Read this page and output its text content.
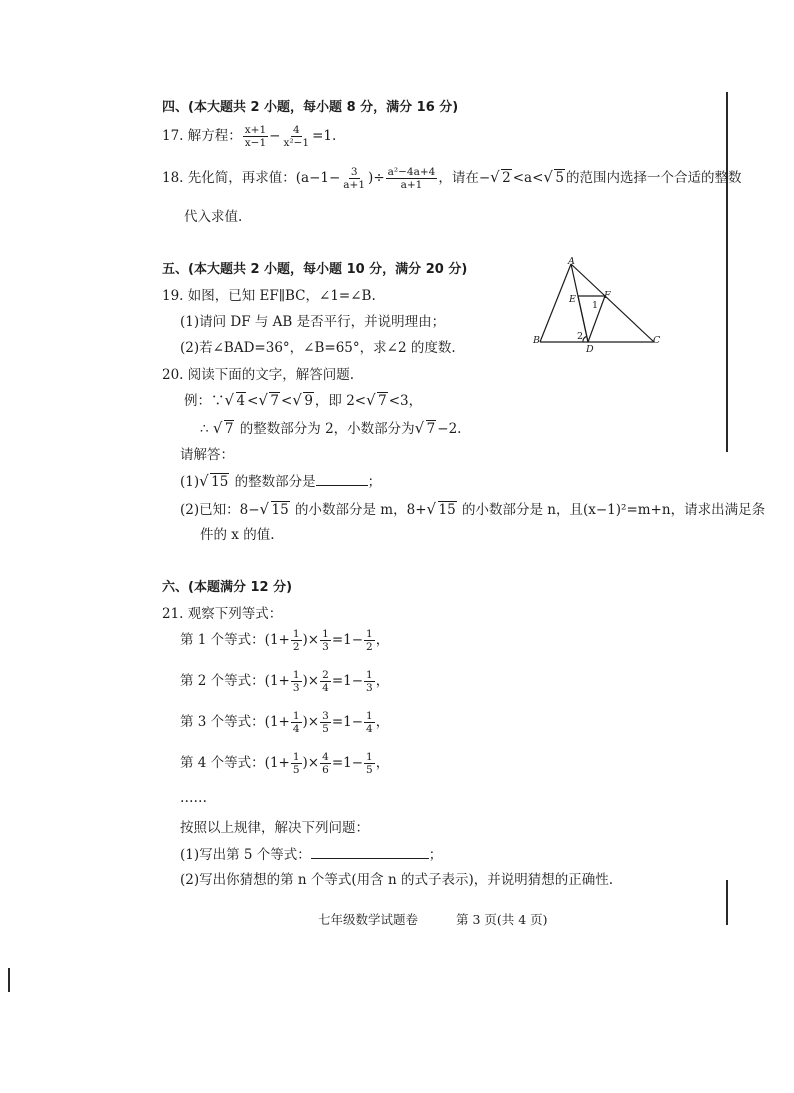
四、(本大题共 2 小题，每小题 8 分，满分 16 分)
17. 解方程： $\frac{x+1}{x-1} - \frac{4}{\text{x²−1}} =1$.
18. 先化简，再求值：($a-1- \frac{3}{a+1}$ )÷ $\frac{\text{a²−4a+4}}{a+1}$ ，请在− √ 2 <a< √ 5 的范围内选择一个合适的整数
代入求值.
五、(本大题共 2 小题，每小题 10 分，满分 20 分)
19. 如图，已知 EF∥BC，∠1=∠B.
(1)请问 DF 与 AB 是否平行，并说明理由；
(2)若∠BAD=36°，∠B=65°，求∠2 的度数.
A
B	C
D
E	F
1
2
20. 阅读下面的文字，解答问题.
例：∵ √ 4 < √ 7 < √ 9 ，即 2< √ 7 <3，
∴ √ 7 的整数部分为 2，小数部分为 √ 7 −2.
请解答：
(1) √ 15 的整数部分是	；
(2)已知：8− √ 15 的小数部分是 m，8+ √ 15 的小数部分是 n，且(x−1)²=m+n，请求出满足条
件的 x 的值.
六、(本题满分 12 分)
21. 观察下列等式：
第 1 个等式：($1+ \frac{1}{2}$ )× $\frac{1}{3} =1- \frac{1}{2}$ ，
第 2 个等式：($1+ \frac{1}{3}$ )× $\frac{2}{4} =1- \frac{1}{3}$ ，
第 3 个等式：($1+ \frac{1}{4}$ )× $\frac{3}{5} =1- \frac{1}{4}$ ，
第 4 个等式：($1+ \frac{1}{5}$ )× $\frac{4}{6} =1- \frac{1}{5}$ ，
……
按照以上规律，解决下列问题：
(1)写出第 5 个等式：	；
(2)写出你猜想的第 n 个等式(用含 n 的式子表示)，并说明猜想的正确性.
七年级数学试题卷	第 3 页(共 4 页)
